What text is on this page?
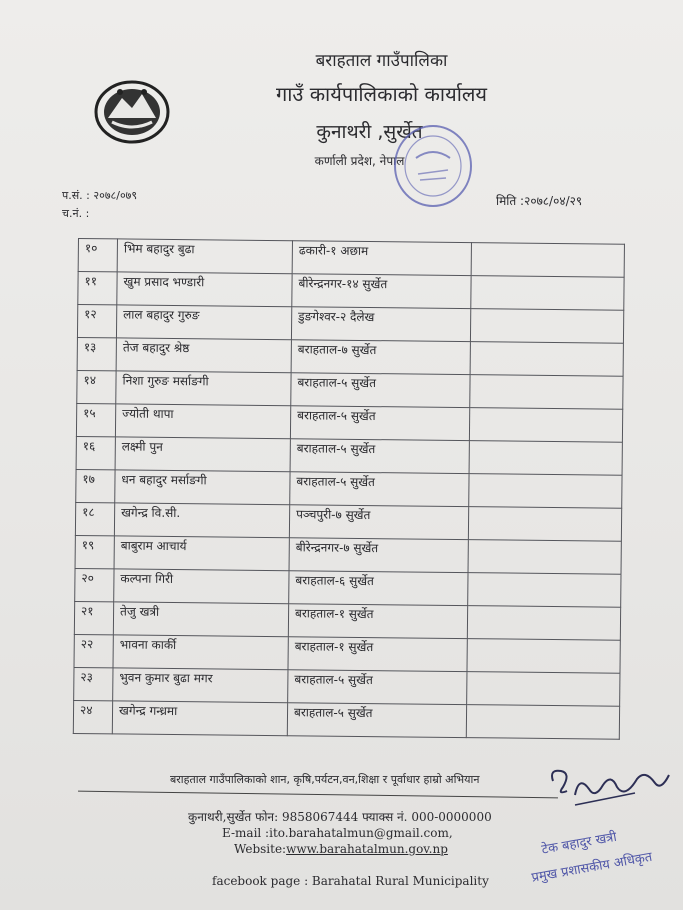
बराहताल गाउँपालिका
गाउँ कार्यपालिकाको कार्यालय
कुनाथरी ,सुर्खेत
कर्णाली प्रदेश, नेपाल
प.सं. : २०७८/०७९
च.नं. :
मिति :२०७८/०४/२९
१०	भिम बहादुर बुढा	ढकारी-१ अछाम	
११	खुम प्रसाद भण्डारी	बीरेन्द्रनगर-१४ सुर्खेत	
१२	लाल बहादुर गुरुङ	डुङगेश्वर-२ दैलेख	
१३	तेज बहादुर श्रेष्ठ	बराहताल-७ सुर्खेत	
१४	निशा गुरुङ मर्साङगी	बराहताल-५ सुर्खेत	
१५	ज्योती थापा	बराहताल-५ सुर्खेत	
१६	लक्ष्मी पुन	बराहताल-५ सुर्खेत	
१७	धन बहादुर मर्साङगी	बराहताल-५ सुर्खेत	
१८	खगेन्द्र वि.सी.	पञ्चपुरी-७ सुर्खेत	
१९	बाबुराम आचार्य	बीरेन्द्रनगर-७ सुर्खेत	
२०	कल्पना गिरी	बराहताल-६ सुर्खेत	
२१	तेजु खत्री	बराहताल-१ सुर्खेत	
२२	भावना कार्की	बराहताल-१ सुर्खेत	
२३	भुवन कुमार बुढा मगर	बराहताल-५ सुर्खेत	
२४	खगेन्द्र गन्ध्रमा	बराहताल-५ सुर्खेत	
बराहताल गाउँपालिकाको शान, कृषि,पर्यटन,वन,शिक्षा र पूर्वाधार हाम्रो अभियान
कुनाथरी,सुर्खेत फोन: 9858067444 फ्याक्स नं. 000-0000000
E-mail :ito.barahatalmun@gmail.com,
Website:www.barahatalmun.gov.np
facebook page : Barahatal Rural Municipality
टेक बहादुर खत्री
प्रमुख प्रशासकीय अधिकृत
